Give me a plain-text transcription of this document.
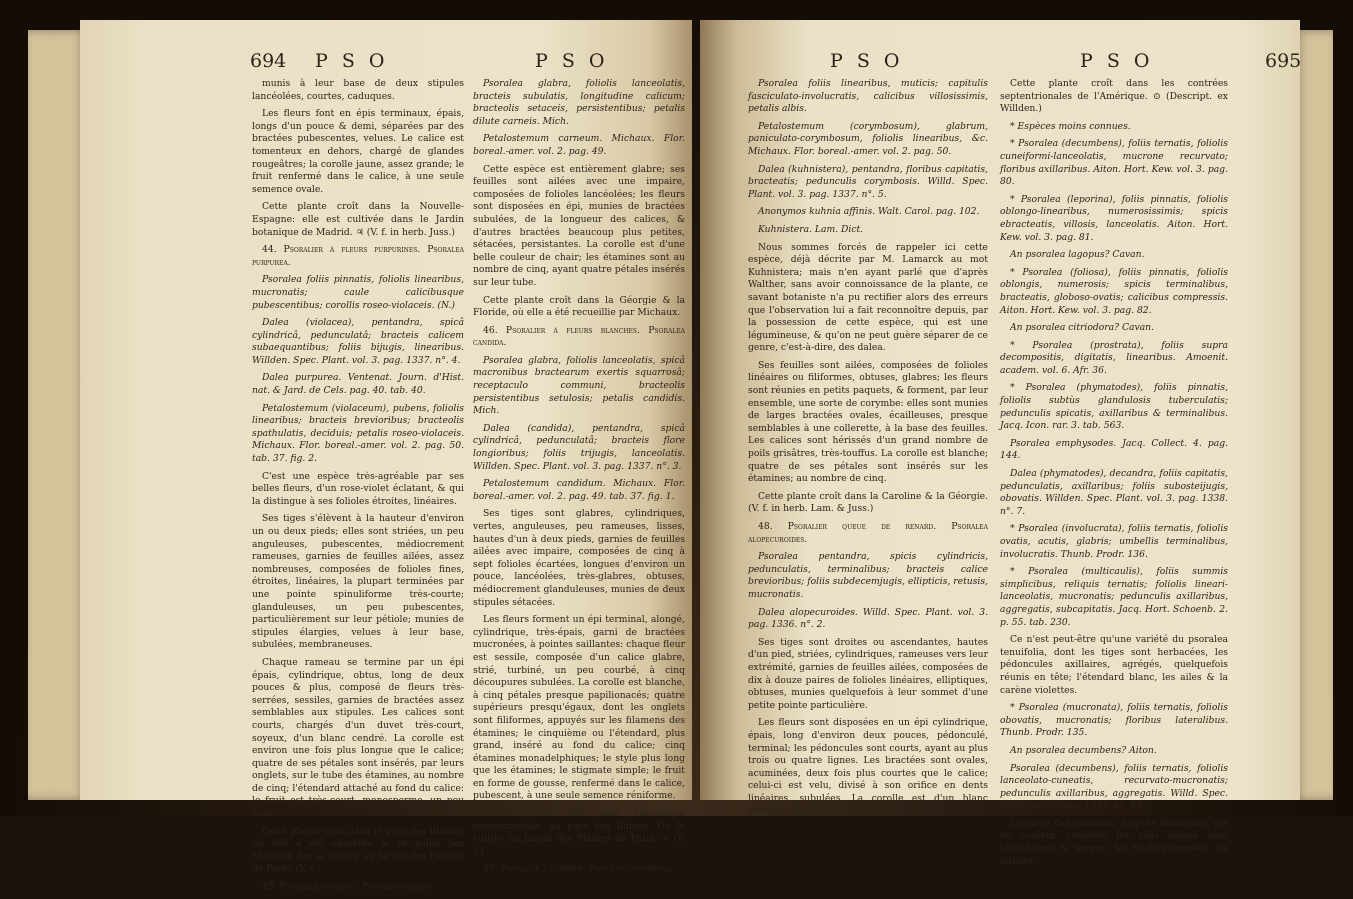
694 P S O	P S O

munis à leur base de deux stipules lancéolées, courtes, caduques.

Les fleurs font en épis terminaux, épais, longs d'un pouce & demi, séparées par des bractées pubescentes, velues. Le calice est tomenteux en dehors, chargé de glandes rougeâtres; la corolle jaune, assez grande; le fruit renfermé dans le calice, à une seule semence ovale.

Cette plante croît dans la Nouvelle-Espagne: elle est cultivée dans le Jardin botanique de Madrid. ♃ (V. f. in herb. Juss.)

44. Psoralier à fleurs purpurines. Psoralea purpurea.

Psoralea foliis pinnatis, foliolis linearibus, mucronatis; caule calicibusque pubescentibus; corollis roseo-violaceis. (N.)

Dalea (violacea), pentandra, spicâ cylindricâ, pedunculatâ; bracteis calicem subaequantibus; foliis bijugis, linearibus. Willden. Spec. Plant. vol. 3. pag. 1337. n°. 4.

Dalea purpurea. Ventenat. Journ. d'Hist. nat. & Jard. de Cels. pag. 40. tab. 40.

Petalostemum (violaceum), pubens, foliolis linearibus; bracteis brevioribus; bracteolis spathulatis, deciduis; petalis roseo-violaceis. Michaux. Flor. boreal.-amer. vol. 2. pag. 50. tab. 37. fig. 2.

C'est une espèce très-agréable par ses belles fleurs, d'un rose-violet éclatant, & qui la distingue à ses folioles étroites, linéaires.

Ses tiges s'élèvent à la hauteur d'environ un ou deux pieds; elles sont striées, un peu anguleuses, pubescentes, médiocrement rameuses, garnies de feuilles ailées, assez nombreuses, composées de folioles fines, étroites, linéaires, la plupart terminées par une pointe spinuliforme très-courte; glanduleuses, un peu pubescentes, particulièrement sur leur pétiole; munies de stipules élargies, velues à leur base, subulées, membraneuses.

Chaque rameau se termine par un épi épais, cylindrique, obtus, long de deux pouces & plus, composé de fleurs très-serrées, sessiles, garnies de bractées assez semblables aux stipules. Les calices sont courts, chargés d'un duvet très-court, soyeux, d'un blanc cendré. La corolle est environ une fois plus longue que le calice; quatre de ses pétales sont insérés, par leurs onglets, sur le tube des étamines, au nombre de cinq; l'étendard attaché au fond du calice: le fruit est très-court, monosperme, un peu velu.

Cette plante croît dans le pays des Illinois, où elle a été observée & recueillie par Michaux. On la cultive au Jardin des Plantes de Paris. (V. v.)

45. Psoralier incarnat. Psoralea carnea.

Psoralea glabra, foliolis lanceolatis, bracteis subulatis, longitudine calicum; bracteolis setaceis, persistentibus; petalis dilute carneis. Mich.

Petalostemum carneum. Michaux. Flor. boreal.-amer. vol. 2. pag. 49.

Cette espèce est entièrement glabre; ses feuilles sont ailées avec une impaire, composées de folioles lancéolées; les fleurs sont disposées en épi, munies de bractées subulées, de la longueur des calices, & d'autres bractées beaucoup plus petites, sétacées, persistantes. La corolle est d'une belle couleur de chair; les étamines sont au nombre de cinq, ayant quatre pétales insérés sur leur tube.

Cette plante croît dans la Géorgie & la Floride, où elle a été recueillie par Michaux.

46. Psoralier à fleurs blanches. Psoralea candida.

Psoralea glabra, foliolis lanceolatis, spicâ macronibus bractearum exertis squarrosâ; receptaculo communi, bracteolis persistentibus setulosis; petalis candidis. Mich.

Dalea (candida), pentandra, spicâ cylindricâ, pedunculatâ; bracteis flore longioribus; foliis trijugis, lanceolatis. Willden. Spec. Plant. vol. 3. pag. 1337. n°. 3.

Petalostemum candidum. Michaux. Flor. boreal.-amer. vol. 2. pag. 49. tab. 37. fig. 1.

Ses tiges sont glabres, cylindriques, vertes, anguleuses, peu rameuses, lisses, hautes d'un à deux pieds, garnies de feuilles ailées avec impaire, composées de cinq à sept folioles écartées, longues d'environ un pouce, lancéolées, très-glabres, obtuses, médiocrement glanduleuses, munies de deux stipules sétacées.

Les fleurs forment un épi terminal, alongé, cylindrique, très-épais, garni de bractées mucronées, à pointes saillantes: chaque fleur est sessile, composée d'un calice glabre, strié, turbiné, un peu courbé, à cinq découpures subulées. La corolle est blanche, à cinq pétales presque papilionacés; quatre supérieurs presqu'égaux, dont les onglets sont filiformes, appuyés sur les filamens des étamines; le cinquième ou l'étendard, plus grand, inséré au fond du calice; cinq étamines monadelphiques; le style plus long que les étamines; le stigmate simple; le fruit en forme de gousse, renfermé dans le calice, pubescent, à une seule semence réniforme.

Cette plante croît dans l'Amérique septentrionale, au pays des Illinois. On la cultive au Jardin des Plantes de Paris. ♃ (V. v.)

47. Psoralier à corymbe. Psoralea corymbosa.

P S O	P S O	695

Psoralea foliis linearibus, muticis; capitulis fasciculato-involucratis, calicibus villosissimis, petalis albis.

Petalostemum (corymbosum), glabrum, paniculato-corymbosum, foliolis linearibus, &c. Michaux. Flor. boreal.-amer. vol. 2. pag. 50.

Dalea (kuhnistera), pentandra, floribus capitatis, bracteatis; pedunculis corymbosis. Willd. Spec. Plant. vol. 3. pag. 1337. n°. 5.

Anonymos kuhnia affinis. Walt. Carol. pag. 102.

Kuhnistera. Lam. Dict.

Nous sommes forcés de rappeler ici cette espèce, déjà décrite par M. Lamarck au mot Kuhnistera; mais n'en ayant parlé que d'après Walther, sans avoir connoissance de la plante, ce savant botaniste n'a pu rectifier alors des erreurs que l'observation lui a fait reconnoître depuis, par la possession de cette espèce, qui est une légumineuse, & qu'on ne peut guère séparer de ce genre, c'est-à-dire, des dalea.

Ses feuilles sont ailées, composées de folioles linéaires ou filiformes, obtuses, glabres; les fleurs sont réunies en petits paquets, & forment, par leur ensemble, une sorte de corymbe: elles sont munies de larges bractées ovales, écailleuses, presque semblables à une collerette, à la base des feuilles. Les calices sont hérissés d'un grand nombre de poils grisâtres, très-touffus. La corolle est blanche; quatre de ses pétales sont insérés sur les étamines; au nombre de cinq.

Cette plante croît dans la Caroline & la Géorgie. (V. f. in herb. Lam. & Juss.)

48. Psoralier queue de renard. Psoralea alopecuroides.

Psoralea pentandra, spicis cylindricis, pedunculatis, terminalibus; bracteis calice brevioribus; foliis subdecemjugis, ellipticis, retusis, mucronatis.

Dalea alopecuroides. Willd. Spec. Plant. vol. 3. pag. 1336. n°. 2.

Ses tiges sont droites ou ascendantes, hautes d'un pied, striées, cylindriques, rameuses vers leur extrémité, garnies de feuilles ailées, composées de dix à douze paires de folioles linéaires, elliptiques, obtuses, munies quelquefois à leur sommet d'une petite pointe particulière.

Les fleurs sont disposées en un épi cylindrique, épais, long d'environ deux pouces, pédonculé, terminal; les pédoncules sont courts, ayant au plus trois ou quatre lignes. Les bractées sont ovales, acuminées, deux fois plus courtes que le calice; celui-ci est velu, divisé à son orifice en dents linéaires, subulées. La corolle est d'un blanc mélangé de bleu.

Cette plante croît dans les contrées septentrionales de l'Amérique. ⊙ (Descript. ex Willden.)

* Espèces moins connues.

* Psoralea (decumbens), foliis ternatis, foliolis cuneiformi-lanceolatis, mucrone recurvato; floribus axillaribus. Aiton. Hort. Kew. vol. 3. pag. 80.

* Psoralea (leporina), foliis pinnatis, foliolis oblongo-linearibus, numerosissimis; spicis ebracteatis, villosis, lanceolatis. Aiton. Hort. Kew. vol. 3. pag. 81.

An psoralea lagopus? Cavan.

* Psoralea (foliosa), foliis pinnatis, foliolis oblongis, numerosis; spicis terminalibus, bracteatis, globoso-ovatis; calicibus compressis. Aiton. Hort. Kew. vol. 3. pag. 82.

An psoralea citriodora? Cavan.

* Psoralea (prostrata), foliis supra decompositis, digitatis, linearibus. Amoenit. academ. vol. 6. Afr. 36.

* Psoralea (phymatodes), foliis pinnatis, foliolis subtùs glandulosis tuberculatis; pedunculis spicatis, axillaribus & terminalibus. Jacq. Icon. rar. 3. tab. 563.

Psoralea emphysodes. Jacq. Collect. 4. pag. 144.

Dalea (phymatodes), decandra, foliis capitatis, pedunculatis, axillaribus; foliis subosteijugis, obovatis. Willden. Spec. Plant. vol. 3. pag. 1338. n°. 7.

* Psoralea (involucrata), foliis ternatis, foliolis ovatis, acutis, glabris; umbellis terminalibus, involucratis. Thunb. Prodr. 136.

* Psoralea (multicaulis), foliis summis simplicibus, reliquis ternatis; foliolis lineari-lanceolatis, mucronatis; pedunculis axillaribus, aggregatis, subcapitatis. Jacq. Hort. Schoenb. 2. p. 55. tab. 230.

Ce n'est peut-être qu'une variété du psoralea tenuifolia, dont les tiges sont herbacées, les pédoncules axillaires, agrégés, quelquefois réunis en tête; l'étendard blanc, les ailes & la carène violettes.

* Psoralea (mucronata), foliis ternatis, foliolis obovatis, mucronatis; floribus lateralibus. Thunb. Prodr. 135.

An psoralea decumbens? Aiton.

Psoralea (decumbens), foliis ternatis, foliolis lanceolato-cuneatis, recurvato-mucronatis; pedunculis axillaribus, aggregatis. Willd. Spec. Plant. vol. 3. pag. 1347. n°. 23.

L'écorce des rameaux, d'après Willdenow, est de couleur cendrée; les plus jeunes sont blanchâtres & soyeux; les feuilles ternées; les folioles
